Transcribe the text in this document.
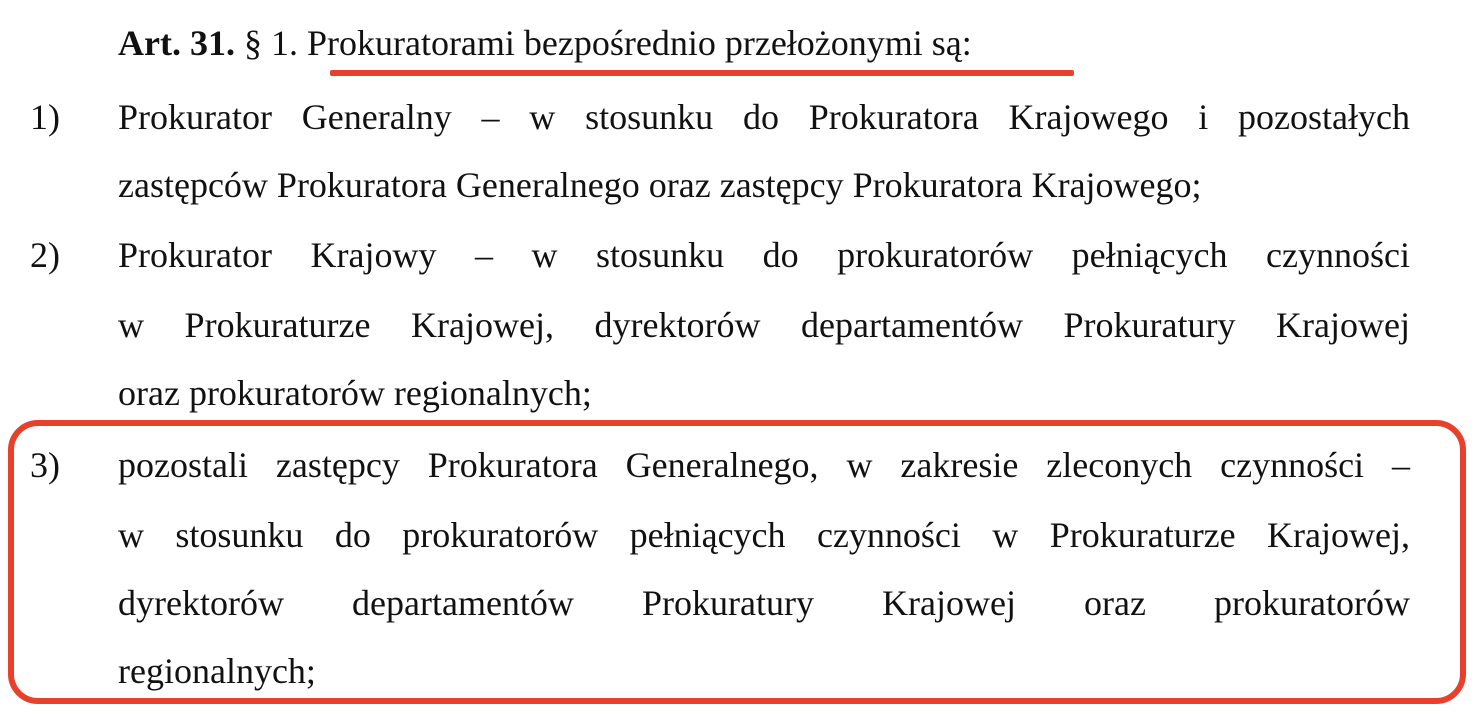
Art. 31. § 1. Prokuratorami bezpośrednio przełożonymi są:
1) Prokurator Generalny – w stosunku do Prokuratora Krajowego i pozostałych
zastępców Prokuratora Generalnego oraz zastępcy Prokuratora Krajowego;
2) Prokurator Krajowy – w stosunku do prokuratorów pełniących czynności
w Prokuraturze Krajowej, dyrektorów departamentów Prokuratury Krajowej
oraz prokuratorów regionalnych;
3) pozostali zastępcy Prokuratora Generalnego, w zakresie zleconych czynności –
w stosunku do prokuratorów pełniących czynności w Prokuraturze Krajowej,
dyrektorów departamentów Prokuratury Krajowej oraz prokuratorów
regionalnych;
